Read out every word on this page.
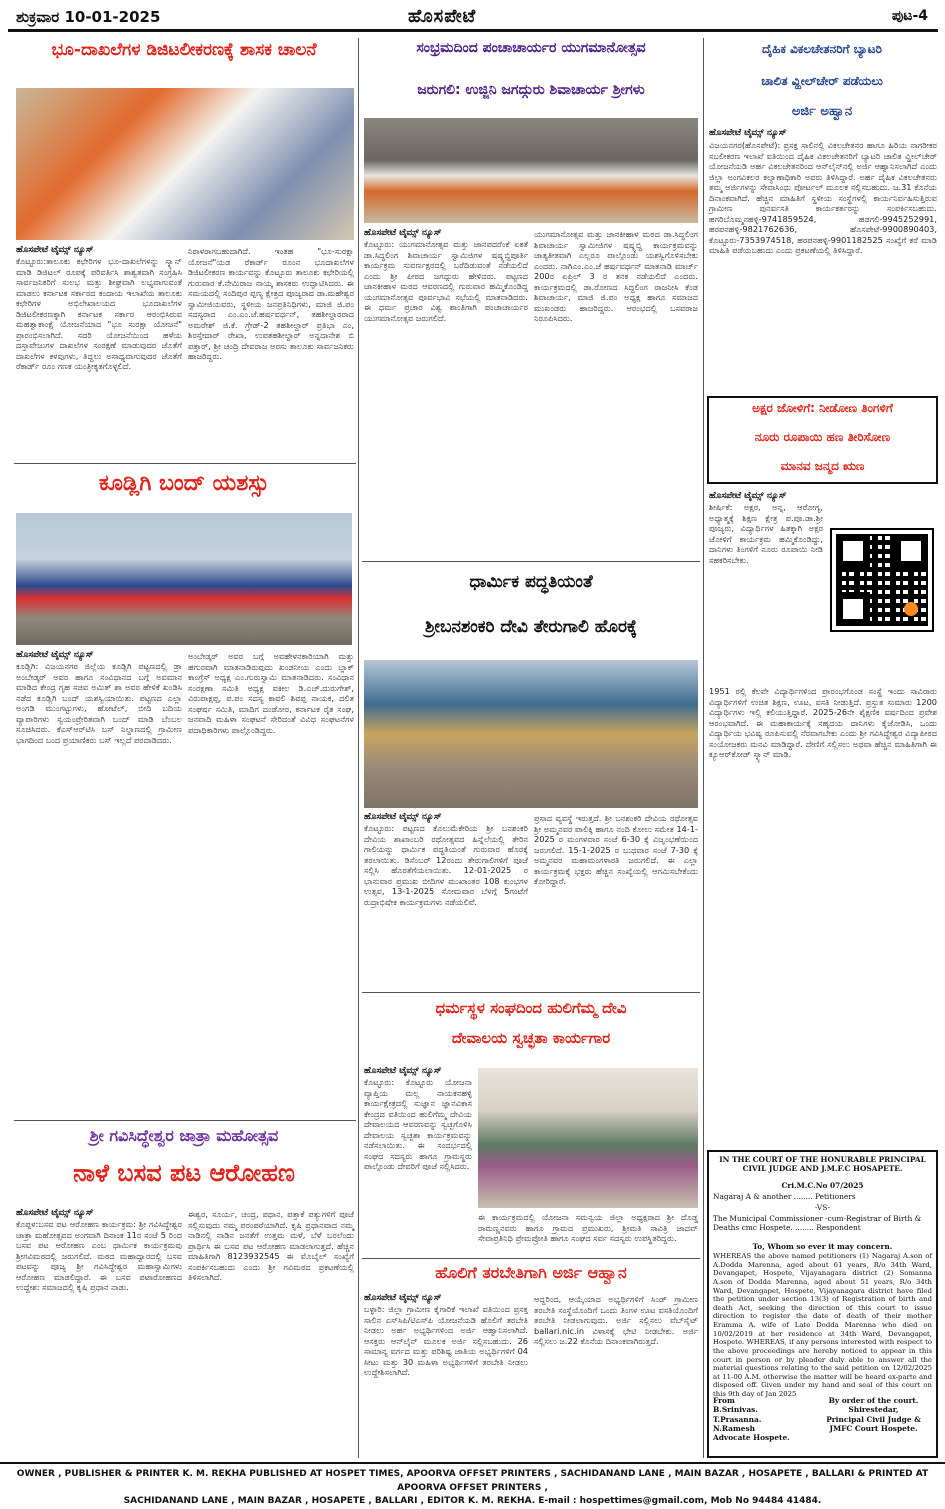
ಶುಕ್ರವಾರ 10-01-2025	ಹೊಸಪೇಟೆ	ಪುಟ-4
ಭೂ-ದಾಖಲೆಗಳ ಡಿಜಿಟಲೀಕರಣಕ್ಕೆ ಶಾಸಕ ಚಾಲನೆ
ಹೊಸಪೇಟೆ ಟೈಮ್ಸ್ ನ್ಯೂಸ್
ಕೊಟ್ಟೂರು:ತಾಲೂಕು ಕಛೇರಿಗಳ ಭೂ-ದಾಖಲೆಗಳನ್ನು ಸ್ಕ್ಯಾನ್ ಮಾಡಿ ಡಿಜಿಟಲ್ ರೂಪಕ್ಕೆ ಪರಿವರ್ತಿಸಿ ಶಾಶ್ವತವಾಗಿ ಸಂಗ್ರಹಿಸಿ ಸಾರ್ವಜನಿಕರಿಗೆ ಸುಲಭ ಮತ್ತು ಶೀಘ್ರವಾಗಿ ಲಭ್ಯವಾಗುವಂತೆ ಮಾಡಲು ಕರ್ನಾಟಕ ಸರ್ಕಾರದ ಕಂದಾಯ ಇಲಾಖೆಯ ತಾಲೂಕು ಕಛೇರಿಗಳ ಅಭಿಲೇಖಾಲಯದ ಭೂದಾಖಲೆಗಳ ಡಿಜಿಟಲೀಕರಣಕ್ಕಾಗಿ ಕರ್ನಾಟಕ ಸರ್ಕಾರ ಆರಂಭಿಸಿರುವ ಮಹತ್ವಾಕಾಂಕ್ಷೆ ಯೋಜನೆಯಾದ "ಭೂ ಸುರಕ್ಷಾ ಯೋಜನೆ" ಪ್ರಾರಂಭಿಸಲಾಗಿದೆ. ಸದರಿ ಯೋಜನೆಯಿಂದ ಹಳೆಯ ದಸ್ತಾವೇಜುಗಳ ದಾಖಲೆಗಳ ಸಂರಕ್ಷಣೆ ಮಾಡುವುದರ ಜೊತೆಗೆ ದಾಖಲೆಗಳ ಕಳವುಗಳು, ತಿದ್ದಲು ಅಸಾಧ್ಯವಾಗುವುದರ ಜೊತೆಗೆ ರೆಕಾರ್ಡ್ ರೂಂ ಗಣಕ ಯಂತ್ರೀಕೃತಗೊಳ್ಳಲಿದೆ.
ನಿರಾಳರಾಗಬಹುದಾಗಿದೆ. ಇಂತಹ "ಭೂ-ಸುರಕ್ಷಾ ಯೋಜನೆ"ಯಡ ರೆಕಾರ್ಡ್ ರೂಂನ ಭೂದಾಖಲೆಗಳ ಡಿಜಿಟಲೀಕರಣ ಕಾರ್ಯವನ್ನು ಕೊಟ್ಟೂರು ತಾಲೂಕು ಕಛೇರಿಯಲ್ಲಿ ಗುರುವಾರ ಕೆ.ನೇಮಿರಾಜ ನಾಯ್ಕ ಶಾಸಕರು ಉದ್ಘಾಟಿಸಿದರು. ಈ ಸಮಯದಲ್ಲಿ ಸಂದಿಪುರ ಪ್ಪಣ್ಯ ಕ್ಷೇತ್ರದ ಪೂಜ್ಯರಾದ ಡಾ.ಮಹೇಶ್ವರ ಸ್ವಾಮೀಜಿಯವರು, ಸ್ಥಳೀಯ ಜನಪ್ರತಿನಿಧಿಗಳು, ಮಾಜಿ ಜಿ.ಪಂ ಸದಸ್ಯರಾದ ಎಂ.ಎಂ.ಜೆ.ಹರ್ಷವರ್ಧನ್, ತಹಶೀಲ್ದಾರರಾದ ಅಮರೇಶ್ ಜಿ.ಕೆ. ಗ್ರೇಡ್-2 ತಹಶೀಲ್ದಾರ್ ಪ್ರತಿಭಾ ಎಂ, ಶಿರಸ್ತೇದಾರ್ ರೇಖಾ, ಉಪತಹಶೀಲ್ದಾರ್ ಅನ್ನದಾನೇಶ ಬಿ ಪತ್ತಾರ್, ಶ್ರೀ ಚಂದ್ರಿ ದೇವರಾಜ ಅರಸು ತಾಲೂಕು ಸಾರ್ವಜನಿಕರು ಹಾಜರಿದ್ದರು.
ಕೂಡ್ಲಿಗಿ ಬಂದ್ ಯಶಸ್ಸು
ಹೊಸಪೇಟೆ ಟೈಮ್ಸ್ ನ್ಯೂಸ್
ಕೂಡ್ಲಿಗಿ: ವಿಜಯನಗರ ಜಿಲ್ಲೆಯ ಕೂಡ್ಲಿಗಿ ಪಟ್ಟಣದಲ್ಲಿ ಡ್ರಾ ಅಂಬೇಡ್ಕರ್ ಅವರ ಹಾಗೂ ಸಂವಿಧಾನದ ಬಗ್ಗೆ ಅವಮಾನ ಮಾಡಿದ ಕೇಂದ್ರ ಗೃಹ ಸಚಿವ ಅಮಿತ್ ಶಾ ಅವರ ಹೇಳಿಕೆ ಖಂಡಿಸಿ ನಡೆದ ಕೂಡ್ಲಿಗಿ ಬಂದ್ ಯಶಸ್ವಿಯಾಯಿತು. ಪಟ್ಟಣದ ಎಲ್ಲಾ ಅಂಗಡಿ ಮುಂಗಟ್ಟುಗಳು, ಹೋಟೆಲ್, ಬೀದಿ ಬದಿಯ ವ್ಯಾಪಾರಿಗಳು ಸ್ವಯಂಪ್ರೇರಿತವಾಗಿ ಬಂದ್ ಮಾಡಿ ಬೆಂಬಲ ಸೂಚಿಸಿದರು. ಕೆಎಸ್ಆರ್‌ಟಿಸಿ ಬಸ್ ನಿಲ್ದಾಣದಲ್ಲಿ ಗ್ರಾಮೀಣ ಭಾಗದಿಂದ ಬಂದ ಪ್ರಯಾಣಿಕರು ಬಸ್ ಇಲ್ಲದೆ ಪರದಾಡಿದರು.
ಅಂಬೇಡ್ಕರ್ ಅವರ ಬಗ್ಗೆ ಅವಹೇಳನಕಾರಿಯಾಗಿ ಮತ್ತು ಹಗುರವಾಗಿ ಮಾತನಾಡಿರುವುದು ಖಂಡನೀಯ ಎಂದು ಬ್ಲಾಕ್ ಕಾಂಗ್ರೆಸ್ ಅಧ್ಯಕ್ಷ ಎಂ.ಗುರುಸ್ವಾಮಿ ಮಾತನಾಡಿದರು. ಸಂವಿಧಾನ ಸಂರಕ್ಷಣಾ ಸಮಿತಿ ಅಧ್ಯಕ್ಷ ವಕೀಲ ಡಿ.ಎಚ್.ದುರುಗೇಶ್, ವಿರುಪಾಕ್ಷಪ್ಪ, ಪ.ಪಂ ಸದಸ್ಯ ಕಾವಲಿ ಶಿವಪ್ಪ ನಾಯಕ, ದಲಿತ ಸಂಘರ್ಷ ಸಮಿತಿ, ಮಾದಿಗ ದಂಡೋರ, ಕರ್ನಾಟಕ ರೈತ ಸಂಘ, ಜನವಾದಿ ಮಹಿಳಾ ಸಂಘಟನೆ ಸೇರಿದಂತೆ ವಿವಿಧ ಸಂಘಟನೆಗಳ ಪದಾಧಿಕಾರಿಗಳು ಪಾಲ್ಗೊಂಡಿದ್ದರು.
ಶ್ರೀ ಗವಿಸಿದ್ಧೇಶ್ವರ ಜಾತ್ರಾ ಮಹೋತ್ಸವ
ನಾಳೆ ಬಸವ ಪಟ ಆರೋಹಣ
ಹೊಸಪೇಟೆ ಟೈಮ್ಸ್ ನ್ಯೂಸ್
ಕೊಪ್ಪಳ:ಬಸವ ಪಟ ಆರೋಹಣ ಕಾರ್ಯಕ್ರಮ: ಶ್ರೀ ಗವಿಸಿದ್ಧೇಶ್ವರ ಜಾತ್ರಾ ಮಹೋತ್ಸವದ ಅಂಗವಾಗಿ ದಿನಾಂಕ 11ರ ಸಂಜೆ 5 ರಿಂದ ಬಸವ ಪಟ ಆರೋಹಣ ಎಂಬ ಧಾರ್ಮಿಕ ಕಾರ್ಯಕ್ರಮವು ಶ್ರೀಗವಿಮಠದಲ್ಲಿ ಜರುಗಲಿದೆ. ಮಠದ ಮಹಾದ್ವಾರದಲ್ಲಿ ಬಸವ ಪಟವನ್ನು ಪೂಜ್ಯ ಶ್ರೀ ಗವಿಸಿದ್ಧೇಶ್ವರ ಮಹಾಸ್ವಾಮಿಗಳು ಆರೋಹಣ ಮಾಡಲಿದ್ದಾರೆ. ಈ ಬಸವ ಪಟಾರೋಹಣದ ಉದ್ದೇಶ: ಸಮಾಜದಲ್ಲಿ ಕೃಷಿ ಪ್ರಧಾನ ನಾಡು.
ಈಶ್ವರ, ಸೂರ್ಯ, ಚಂದ್ರ, ಪಥಾನ, ಪತ್ತಾಕೆ ಪತ್ಯುಗಳಿಗೆ ಪೂಜೆ ಸಲ್ಲಿಸುವುದು ನಮ್ಮ ಪರಂಪರೆಯಾಗಿದೆ. ಕೃಷಿ ಪ್ರಧಾನವಾದ ನಮ್ಮ ನಾಡಿನಲ್ಲಿ ನಾಡಿನ ಜನತೆಗೆ ಉತ್ತಮ ಮಳೆ, ಬೆಳೆ ಬರಲೆಂದು ಪ್ರಾರ್ಥಿಸಿ ಈ ಬಸವ ಪಟ ಆರೋಹಣ ಮಾಡಲಾಗುತ್ತದೆ. ಹೆಚ್ಚಿನ ಮಾಹಿತಿಗಾಗಿ 8123932545 ಈ ಮೊಬೈಲ್ ಸಂಖ್ಯೆಗೆ ಸಂಪರ್ಕಿಸಬಹುದು ಎಂದು ಶ್ರೀ ಗವಿಮಠದ ಪ್ರಕಟಣೆಯಲ್ಲಿ ತಿಳಿಸಲಾಗಿದೆ.
ಸಂಭ್ರಮದಿಂದ ಪಂಚಾಚಾರ್ಯರ ಯುಗಮಾನೋತ್ಸವ
ಜರುಗಲಿ: ಉಜ್ಜಿನಿ ಜಗದ್ಗುರು ಶಿವಾಚಾರ್ಯ ಶ್ರೀಗಳು
ಹೊಸಪೇಟೆ ಟೈಮ್ಸ್ ನ್ಯೂಸ್
ಕೊಟ್ಟೂರು: ಯುಗಮಾನೋತ್ಸವ ಮತ್ತು ಜಾನಪದರೆಂಕೆ ಏಕತೆ ಡಾ.ಸಿದ್ಧಲಿಂಗ ಶಿವಾಚಾರ್ಯ ಸ್ವಾಮಿಜಿಗಳ ಷಷ್ಠ್ಯಬ್ದಿಪೂರ್ತಿ ಕಾರ್ಯಕ್ರಮ ಸುವರ್ಣಕ್ಷರದಲ್ಲಿ ಬರೆದಿಡುವಂತೆ ನಡೆಯಲಿದೆ ಎಂದು ಶ್ರೀ ಪೀಠದ ಜಗದ್ಗುರು ಹೇಳಿದರು. ಪಟ್ಟಣದ ಜಾನಕೀಹಾಳ ಮಠದ ಆವರಣದಲ್ಲಿ ಗುರುವಾರ ಹಮ್ಮಿಕೊಂಡಿದ್ದ ಯುಗಮಾನೋತ್ಸವ ಪೂರ್ವಭಾವಿ ಸಭೆಯಲ್ಲಿ ಮಾತನಾಡಿದರು. ಈ ಧರ್ಮ ಪ್ರಚಾರ ವಿಶ್ವ ಶಾಂತಿಗಾಗಿ ಪಂಚಾಚಾರ್ಯರ ಯುಗಮಾನೋತ್ಸವ ಜರುಗಲಿದೆ.
ಯುಗಮಾನೋತ್ಸವ ಮತ್ತು ಜಾನಕೀಹಾಳ ಮಠದ ಡಾ.ಸಿದ್ಧಲಿಂಗ ಶಿವಾಚಾರ್ಯ ಸ್ವಾಮೀಜಿಗಳ ಷಷ್ಠ್ಯಬ್ದಿ ಕಾರ್ಯಕ್ರಮವನ್ನು ಜಾತ್ಯತೀತವಾಗಿ ಎಲ್ಲರೂ ಪಾಲ್ಗೊಂಡು ಯಶಸ್ವಿಗೊಳಿಸಬೇಕು ಎಂದರು. ನಾಗಿಎಂ.ಎಂ.ಜೆ ಹರ್ಷವರ್ಧನ್ ಮಾತನಾಡಿ ಮಾರ್ಚ್ 200ರ ಏಪ್ರಿಲ್ 3 ರ ತನಕ ನಡೆಯಲಿದೆ ಎಂದರು. ಕಾರ್ಯಕ್ರಮದಲ್ಲಿ ಡಾ.ರೋಣದ ಸಿದ್ಧಲಿಂಗ ರಾಜನೀಸಿ ಕೆಂಡ ಶಿವಾಚಾರ್ಯ, ಮಾಜಿ ಜಿ.ಪಂ ಅಧ್ಯಕ್ಷ ಹಾಗೂ ಸಮಾಜದ ಮುಖಂಡರು ಹಾಜರಿದ್ದರು. ಆರಂಭದಲ್ಲಿ ಬಸವರಾಜ ನಿರೂಪಿಸಿದರು.
ಧಾರ್ಮಿಕ ಪದ್ಧತಿಯಂತೆ
ಶ್ರೀಬನಶಂಕರಿ ದೇವಿ ತೇರುಗಾಲಿ ಹೊರಕ್ಕೆ
ಹೊಸಪೇಟೆ ಟೈಮ್ಸ್ ನ್ಯೂಸ್
ಕೊಟ್ಟೂರು: ಪಟ್ಟಣದ ಕೊಲುಮೆಕೇರಿಯ ಶ್ರೀ ಬನಶಂಕರಿ ದೇವಿಯ ಶಾಖಾಂಬರಿ ರಥೋತ್ಸವದ ಹಿನ್ನೆಲೆಯಲ್ಲಿ ತೇರಿನ ಗಾಲಿಯನ್ನು ಧಾರ್ಮಿಕ ಪದ್ಧತಿಯಂತೆ ಗುರುವಾರ ಹೊರಕ್ಕೆ ತರಲಾಯಿತು. ಡಿಸೆಂಬರ್ 12ರಂದು ತೇರುಗಾಲಿಗಳಿಗೆ ಪೂಜೆ ಸಲ್ಲಿಸಿ ಹೊರತೆಗೆಯಲಾಯಿತು. 12-01-2025 ರ ಭಾನುವಾರ ಪ್ರಮುಖ ಬೀದಿಗಳ ಮುಖಾಂತರ 108 ಕುಂಭಗಳ ಉತ್ಸವ, 13-1-2025 ಸೋಮವಾರ ಬೆಳಗ್ಗೆ 5ಗಂಟೆಗೆ ರುದ್ರಾಭಿಷೇಕ ಕಾರ್ಯಕ್ರಮಗಳು ನಡೆಯಲಿವೆ.
ಪ್ರಸಾದ ವ್ಯವಸ್ಥೆ ಇರುತ್ತದೆ. ಶ್ರೀ ಬನಶಂಕರಿ ದೇವಿಯ ರಥೋತ್ಸವ ಶ್ರೀ ಅಮ್ಮನವರ ಪಾಲಿಕ್ಕಿ ಹಾಗೂ ನಂದಿ ಕೋಲು ಸಮೇತ 14-1-2025 ರ ಮಂಗಳವಾರ ಸಂಜೆ 6-30 ಕ್ಕೆ ವಿಜೃಂಭಣೆಯಿಂದ ಜರುಗಲಿದೆ. 15-1-2025 ರ ಬುಧವಾರ ಸಂಜೆ 7-30 ಕ್ಕೆ ಅಮ್ಮನವರ ಮಹಾಮಂಗಳಾರತಿ ಜರುಗಲಿದೆ. ಈ ಎಲ್ಲಾ ಕಾರ್ಯಕ್ರಮಕ್ಕೆ ಭಕ್ತರು ಹೆಚ್ಚಿನ ಸಂಖ್ಯೆಯಲ್ಲಿ ಆಗಮಿಸಬೇಕೆಂದು ಕೋರಿದ್ದಾರೆ.
ಧರ್ಮಸ್ಥಳ ಸಂಘದಿಂದ ಹುಲಿಗೆಮ್ಮ ದೇವಿ
ದೇವಾಲಯ ಸ್ವಚ್ಛತಾ ಕಾರ್ಯಗಾರ
ಹೊಸಪೇಟೆ ಟೈಮ್ಸ್ ನ್ಯೂಸ್
ಕೊಟ್ಟೂರು: ಕೊಟ್ಟೂರು ಯೋಜನಾ ವ್ಯಾಪ್ತಿಯ ಮಲ್ಲ ನಾಯಕನಹಳ್ಳಿ ಕಾರ್ಯಕ್ಷೇತ್ರದಲ್ಲಿ ಸುಜ್ಞಾನ ಜ್ಞಾನವಿಕಾಸ ಕೇಂದ್ರದ ವತಿಯಿಂದ ಹುಲಿಗೆಮ್ಮ ದೇವಿಯ ದೇವಾಲಯದ ಆವರಣವನ್ನು ಸ್ವಚ್ಛಗೊಳಿಸಿ ದೇವಾಲಯ ಸ್ವಚ್ಛತಾ ಕಾರ್ಯಕ್ರಮವನ್ನು ನಡೆಸಲಾಯಿತು. ಈ ಸಂದರ್ಭದಲ್ಲಿ ಸಂಘದ ಸದಸ್ಯರು ಹಾಗೂ ಗ್ರಾಮಸ್ಥರು ಪಾಲ್ಗೊಂಡು ದೇವರಿಗೆ ಪೂಜೆ ಸಲ್ಲಿಸಿದರು.
ಈ ಕಾರ್ಯಕ್ರಮದಲ್ಲಿ ಯೋಜನಾ ಸಮನ್ವಯ ಜಿಲ್ಲಾ ಅಧ್ಯಕ್ಷರಾದ ಶ್ರೀ ದೊಡ್ಡ ರಾಮಣ್ಣನವರು ಹಾಗೂ ಗ್ರಾಮದ ಪ್ರಮುಖರು, ಶ್ರೀಮತಿ ಸಾವಿತ್ರಿ ಜಾದವ್ ಸೇವಾಪ್ರತಿನಿಧಿ ಪ್ರೇಮಪ್ರೋತಿ ಹಾಗೂ ಸಂಘದ ಸರ್ವ ಸದಸ್ಯರು ಉಪಸ್ಥಿತರಿದ್ದರು.
ಹೊಲಿಗೆ ತರಬೇತಿಗಾಗಿ ಅರ್ಜಿ ಆಹ್ವಾನ
ಹೊಸಪೇಟೆ ಟೈಮ್ಸ್ ನ್ಯೂಸ್
ಬಳ್ಳಾರಿ: ಜಿಲ್ಲಾ ಗ್ರಾಮೀಣ ಕೈಗಾರಿಕೆ ಇಲಾಖೆ ವತಿಯಿಂದ ಪ್ರಸಕ್ತ ಸಾಲಿನ ಎಸ್‌ಸಿಪಿ/ಟಿಎಸ್‌ಪಿ ಯೋಜನೆಯಡಿ ಹೊಲಿಗೆ ತರಬೇತಿ ನೀಡಲು ಅರ್ಹ ಅಭ್ಯರ್ಥಿಗಳಿಂದ ಅರ್ಜಿ ಆಹ್ವಾನಿಸಲಾಗಿದೆ. ಆಸಕ್ತರು ಆನ್‌ಲೈನ್ ಮೂಲಕ ಅರ್ಜಿ ಸಲ್ಲಿಸಬಹುದು. 26 ಸಾಮಾನ್ಯ ವರ್ಗದ ಮತ್ತು ಪರಿಶಿಷ್ಟ ಜಾತಿಯ ಅಭ್ಯರ್ಥಿಗಳಿಗೆ 04 ಸೀಟು ಮತ್ತು 30 ಮಹಿಳಾ ಅಭ್ಯರ್ಥಿಗಳಿಗೆ ತರಬೇತಿ ನೀಡಲು ಉದ್ದೇಶಿಸಲಾಗಿದೆ.
ಆದ್ದರಿಂದ, ಆಯ್ಕೆಯಾದ ಅಭ್ಯರ್ಥಿಗಳಿಗೆ ಸಿಂಡ್ ಗ್ರಾಮೀಣ ತರಬೇತಿ ಸಂಸ್ಥೆಯೊಂದಿಗೆ ಒಂದು ತಿಂಗಳ ಊಟ ವಸತಿಯೊಂದಿಗೆ ತರಬೇತಿ ನೀಡಲಾಗುವುದು. ಅರ್ಜಿ ಸಲ್ಲಿಸಲು ವೆಬ್‌ಸೈಟ್ ballari.nic.in ವಿಳಾಸಕ್ಕೆ ಭೇಟಿ ನೀಡಬೇಕು. ಅರ್ಜಿ ಸಲ್ಲಿಸಲು ಜ.22 ಕೊನೆಯ ದಿನಾಂಕವಾಗಿರುತ್ತದೆ.
ದೈಹಿಕ ವಿಕಲಚೇತನರಿಗೆ ಬ್ಯಾಟರಿ
ಚಾಲಿತ ವ್ಹೀಲ್‌ಚೇರ್ ಪಡೆಯಲು
ಅರ್ಜಿ ಅಹ್ವಾನ
ಹೊಸಪೇಟೆ ಟೈಮ್ಸ್ ನ್ಯೂಸ್
ವಿಜಯನಗರ(ಹೊಸಪೇಟೆ): ಪ್ರಸಕ್ತ ಸಾಲಿನಲ್ಲಿ ವಿಕಲಚೇತನರ ಹಾಗೂ ಹಿರಿಯ ನಾಗರೀಕರ ಸಬಲೀಕರಣ ಇಲಾಖೆ ವತಿಯಿಂದ ದೈಹಿಕ ವಿಕಲಚೇತನರಿಗೆ ಬ್ಯಾಟರಿ ಚಾಲಿತ ವ್ಹೀಲ್‌ಚೇರ್ ಯೋಜನೆಯಡಿ ಅರ್ಹ ವಿಕಲಚೇತನರಿಂದ ಆನ್‌ಲೈನ್‌ನಲ್ಲಿ ಅರ್ಜಿ ಆಹ್ವಾನಿಸಲಾಗಿದೆ ಎಂದು ಜಿಲ್ಲಾ ಅಂಗವಿಕಲರ ಕಲ್ಯಾಣಾಧಿಕಾರಿ ಅವರು ತಿಳಿಸಿದ್ದಾರೆ. ಅರ್ಹ ದೈಹಿಕ ವಿಕಲಚೇತನರು ತಮ್ಮ ಅರ್ಜಿಗಳನ್ನು ಸೇವಾಸಿಂಧು ಪೋರ್ಟಲ್ ಮೂಲಕ ಸಲ್ಲಿಸಬಹುದು. ಜ.31 ಕೊನೆಯ ದಿನಾಂಕವಾಗಿದೆ. ಹೆಚ್ಚಿನ ಮಾಹಿತಿಗೆ ಸ್ಥಳೀಯ ಸಂಸ್ಥೆಗಳಲ್ಲಿ ಕಾರ್ಯನಿರ್ವಹಿಸುತ್ತಿರುವ ಗ್ರಾಮೀಣ ಪುನರ್ವಸತಿ ಕಾರ್ಯಕರ್ತರನ್ನು ಸಂಪರ್ಕಿಸಬಹುದು. ಹಗರಿಬೊಮ್ಮನಹಳ್ಳಿ-9741859524, ಹಡಗಲಿ-9945252991, ಹರಪನಹಳ್ಳಿ-9821762636, ಹೊಸಪೇಟೆ-9900890403, ಕೊಟ್ಟೂರು-7353974518, ಹರಪನಹಳ್ಳಿ-9901182525 ಸಂಖ್ಯೆಗೆ ಕರೆ ಮಾಡಿ ಮಾಹಿತಿ ಪಡೆಯಬಹುದು ಎಂದು ಪ್ರಕಟಣೆಯಲ್ಲಿ ತಿಳಿಸಿದ್ದಾರೆ.
ಅಕ್ಷರ ಜೋಳಿಗೆ: ನೀಡೋಣ ತಿಂಗಳಿಗೆ
ನೂರು ರೂಪಾಯಿ ಹಣ ತೀರಿಸೋಣ
ಮಾನವ ಜನ್ಮದ ಋಣ
ಹೊಸಪೇಟೆ ಟೈಮ್ಸ್ ನ್ಯೂಸ್
ಶೀರ್ಷಿಕೆ: ಅಕ್ಷರ, ಅನ್ನ, ಆರೋಗ್ಯ, ಅಧ್ಯಾತ್ಮಕ್ಕೆ ಶಿಕ್ಷಣ ಕ್ಷೇತ್ರ ಪ.ಪೂ.ಡಾ.ಶ್ರೀ ಪೂಜ್ಯರು, ವಿದ್ಯಾರ್ಥಿಗಳ ಹಿತಕ್ಕಾಗಿ ಅಕ್ಷರ ಜೋಳಿಗೆ ಕಾರ್ಯಕ್ರಮ ಹಮ್ಮಿಕೊಂಡಿದ್ದು, ದಾನಿಗಳು ತಿಂಗಳಿಗೆ ನೂರು ರೂಪಾಯಿ ನೀಡಿ ಸಹಕರಿಸಬೇಕು.
1951 ರಲ್ಲಿ ಕೆಲವೇ ವಿದ್ಯಾರ್ಥಿಗಳಿಂದ ಪ್ರಾರಂಭಗೊಂಡ ಸಂಸ್ಥೆ ಇಂದು ಸಾವಿರಾರು ವಿದ್ಯಾರ್ಥಿಗಳಿಗೆ ಉಚಿತ ಶಿಕ್ಷಣ, ಊಟ, ವಸತಿ ನೀಡುತ್ತಿದೆ. ಪ್ರಸ್ತುತ ಸುಮಾರು 1200 ವಿದ್ಯಾರ್ಥಿಗಳು ಇಲ್ಲಿ ಕಲಿಯುತ್ತಿದ್ದಾರೆ. 2025-26ನೇ ಶೈಕ್ಷಣಿಕ ವರ್ಷದಿಂದ ಪ್ರವೇಶ ಆರಂಭವಾಗಿದೆ. ಈ ಮಹಾಕಾರ್ಯಕ್ಕೆ ಸಹೃದಯ ದಾನಿಗಳು ಕೈಜೋಡಿಸಿ, ಒಂದು ವಿದ್ಯಾರ್ಥಿಯ ಭವಿಷ್ಯ ರೂಪಿಸುವಲ್ಲಿ ನೆರವಾಗಬೇಕು ಎಂದು ಶ್ರೀ ಗವಿಸಿದ್ಧೇಶ್ವರ ವಿದ್ಯಾಪೀಠದ ಸಂಯೋಜಕರು ಮನವಿ ಮಾಡಿದ್ದಾರೆ. ದೇಣಿಗೆ ಸಲ್ಲಿಸಲು ಅಥವಾ ಹೆಚ್ಚಿನ ಮಾಹಿತಿಗಾಗಿ ಈ ಕ್ಯೂಆರ್‌ಕೋಡ್ ಸ್ಕ್ಯಾನ್ ಮಾಡಿ.
IN THE COURT OF THE HONURABLE PRINCIPAL CIVIL JUDGE AND J.M.F.C HOSAPETE.
Cri.M.C.No 07/2025
Nagaraj A & another ........ Petitioners
-VS-
The Municipal Commissioner -cum-Registrar of Birth & Deaths cmc Hospete. ........ Respondent
To, Whom so ever it may concern.
WHEREAS the above named petitioners (1) Nagaraj A.son of A.Dodda Marenna, aged about 61 years, R/o 34th Ward, Devangapet, Hospete, Vijayanagara district (2) Somanna A.son of Dodda Marenna, aged about 51 years, R/o 34th Ward, Devangapet, Hospete, Vijayanagara district have filed the petition under section 13(3) of Registration of birth and death Act, seeking the direction of this court to issue direction to register the date of death of their mother Eramma A. wife of Late Dodda Marenna who died on 10/02/2019 at her residence at 34th Ward, Devangapet, Hospete. WHEREAS, if any persons interested with respect to the above proceedings are hereby noticed to appear in this court in person or by pleader duly able to answer all the material questions relating to the said petition on 12/02/2025 at 11-00 A.M. otherwise the matter will be heard ex-parte and disposed off. Given under my hand and seal of this court on this 9th day of Jan 2025
From
B.Srinivas.
T.Prasanna.
N.Ramesh
Advocate Hospete.
By order of the court.
Shirestedar,
Principal Civil Judge &
JMFC Court Hospete.
OWNER , PUBLISHER & PRINTER K. M. REKHA PUBLISHED AT HOSPET TIMES, APOORVA OFFSET PRINTERS , SACHIDANAND LANE , MAIN BAZAR , HOSAPETE , BALLARI & PRINTED AT APOORVA OFFSET PRINTERS ,
SACHIDANAND LANE , MAIN BAZAR , HOSAPETE , BALLARI , EDITOR K. M. REKHA. E-mail : hospettimes@gmail.com, Mob No 94484 41484.
